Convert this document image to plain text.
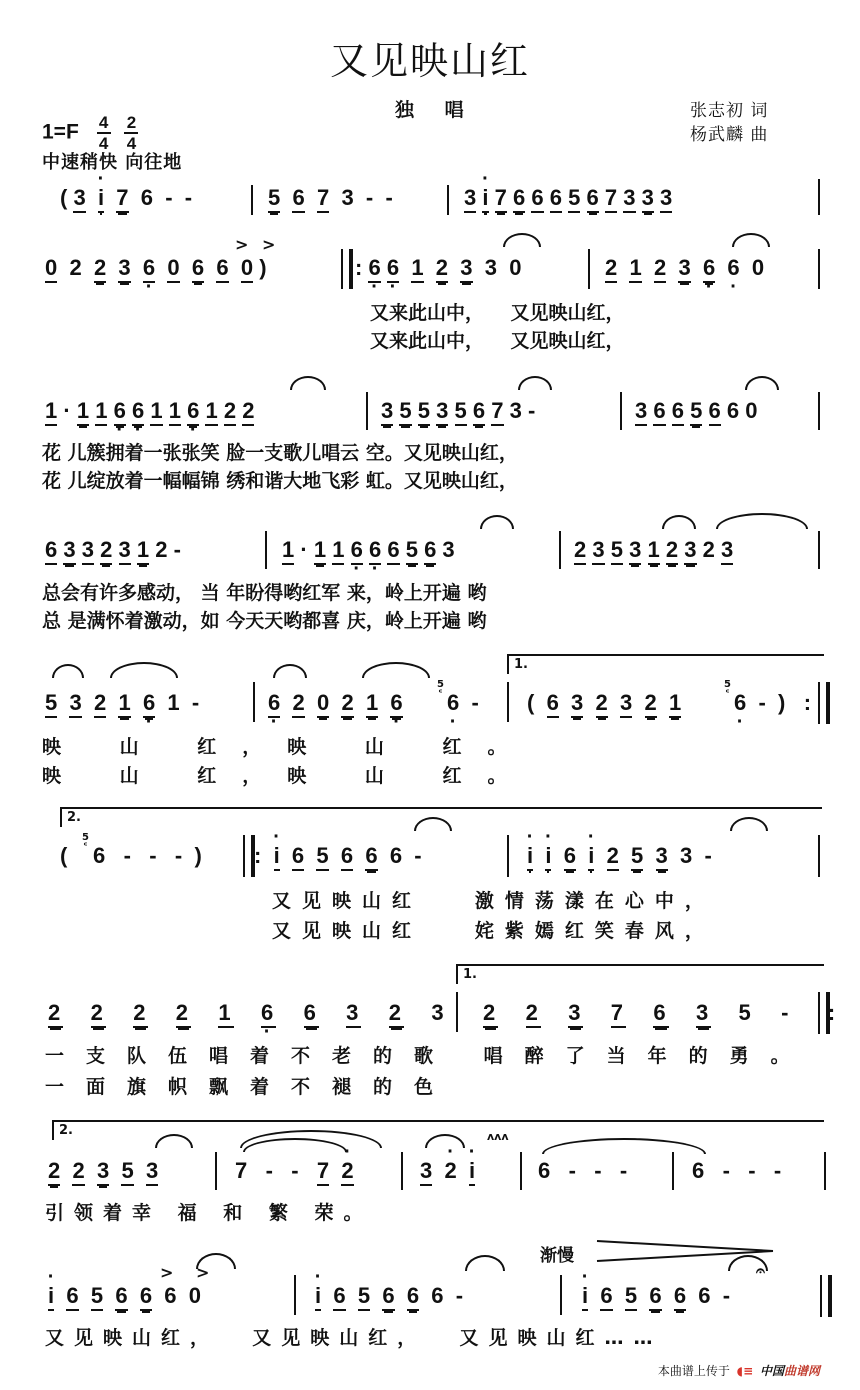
又见映山红
独 唱	张志初 词
杨武麟 曲
$1=F \frac{4}{4}$
$\frac{2}{4}$
中速稍快 向往地
( 3 · i 7  6  -  -	5 6 7  3  -  -	3 · i 7 6 6 6 5 6 7 3 3 3
> >
0  2  2 3 6 · 0 6 6 0 )	: 6 · 6 · 1 2 3  3  0	2 1 2 3 6 · 6 ·  0
又来此山中，    又见映山红，
又来此山中，    又见映山红，
1 · 1 1 6 · 6 · 1 1 6 · 1 2 2	3 5 5 3 5 6 7 3 -	3 6 6 5 6 6 0
花 儿簇拥着一张张笑 脸一支歌儿唱云 空。又见映山红，
花 儿绽放着一幅幅锦 绣和谐大地飞彩 虹。又见映山红，
6 3 3 2 3 1 2 -	1 · 1 1 6 · 6 · 6 5 6 3	2 3 5 3 1 2 3 2 3
总会有许多感动， 当 年盼得哟红军 来，岭上开遍 哟
总 是满怀着激动，如 今天天哟都喜 庆，岭上开遍 哟
5 3 2 1 6 ·  1  -	6 · 2 0 2 1 6 ·
5
ᶜ 6 ·  -
1.
(  6 3 2 3 2 1
5
ᶜ 6 ·  -  )   :
映 山 红，映 山 红。
映 山 红，映 山 红。
2.
(
5
ᶜ 6   -   -   -  ) :  · i 6 5 6 6  6  -	· i · i 6 · i 2 5 3  3  -
又见映山红   激情荡漾在心中，
又见映山红   姹紫嫣红笑春风，
2 2 2 2 1 6 · 6 3 2   3
1.
2 2 3 7 6 3   5   -    :
一支队伍唱着不老的歌 唱醉了当年的勇。
一面旗帜飘着不褪的色
2.
2 2 3 5 3	7   -   -   7 · 2
ʌʌʌ
3 · 2 · i	6   -   -   -	6   -   -   -
引领着幸 福 和 繁 荣。
渐慢
> >
· i 6 5 6 6  6  0	· i 6 5 6 6  6  -
𝄐
· i 6 5 6 6  6  -
又见映山红，  又见映山红，  又见映山红……
本曲谱上传于 ◖≡ 中国曲谱网
